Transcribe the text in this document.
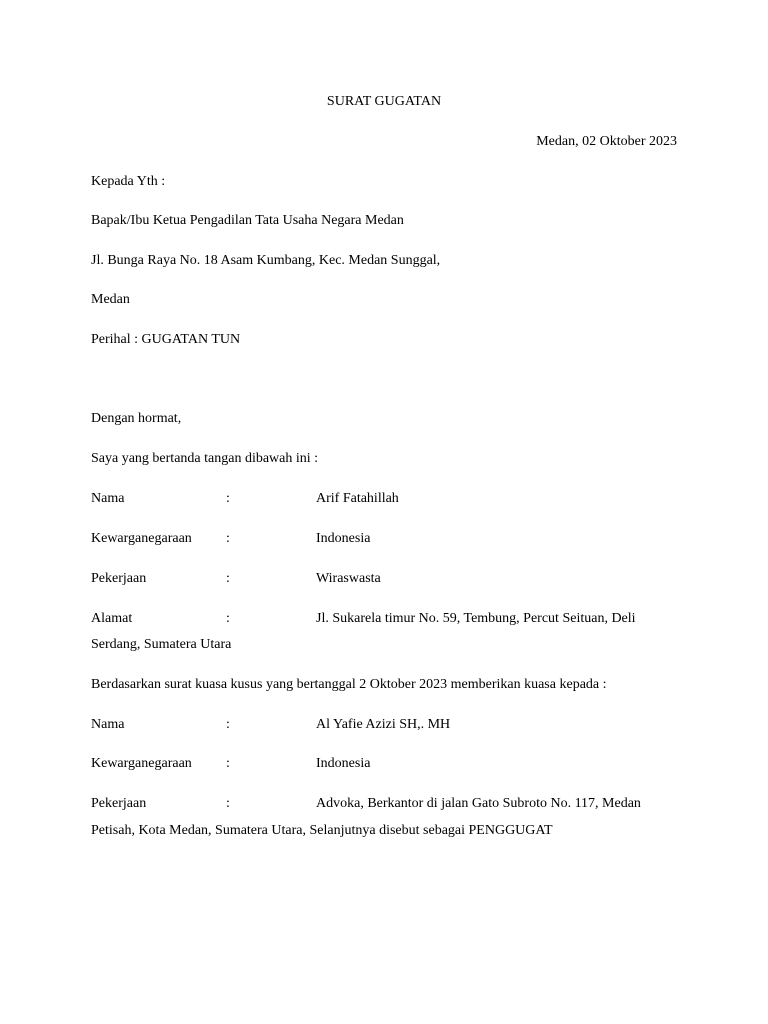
SURAT GUGATAN
Medan, 02 Oktober 2023
Kepada Yth :
Bapak/Ibu Ketua Pengadilan Tata Usaha Negara Medan
Jl. Bunga Raya No. 18 Asam Kumbang, Kec. Medan Sunggal,
Medan
Perihal : GUGATAN TUN
Dengan hormat,
Saya yang bertanda tangan dibawah ini :
Nama	:	Arif Fatahillah
Kewarganegaraan :	Indonesia
Pekerjaan	:	Wiraswasta
Alamat	:	Jl. Sukarela timur No. 59, Tembung, Percut Seituan, Deli
Serdang, Sumatera Utara
Berdasarkan surat kuasa kusus yang bertanggal 2 Oktober 2023 memberikan kuasa kepada :
Nama	:	Al Yafie Azizi SH,. MH
Kewarganegaraan :	Indonesia
Pekerjaan	:	Advoka, Berkantor di jalan Gato Subroto No. 117, Medan
Petisah, Kota Medan, Sumatera Utara, Selanjutnya disebut sebagai PENGGUGAT
